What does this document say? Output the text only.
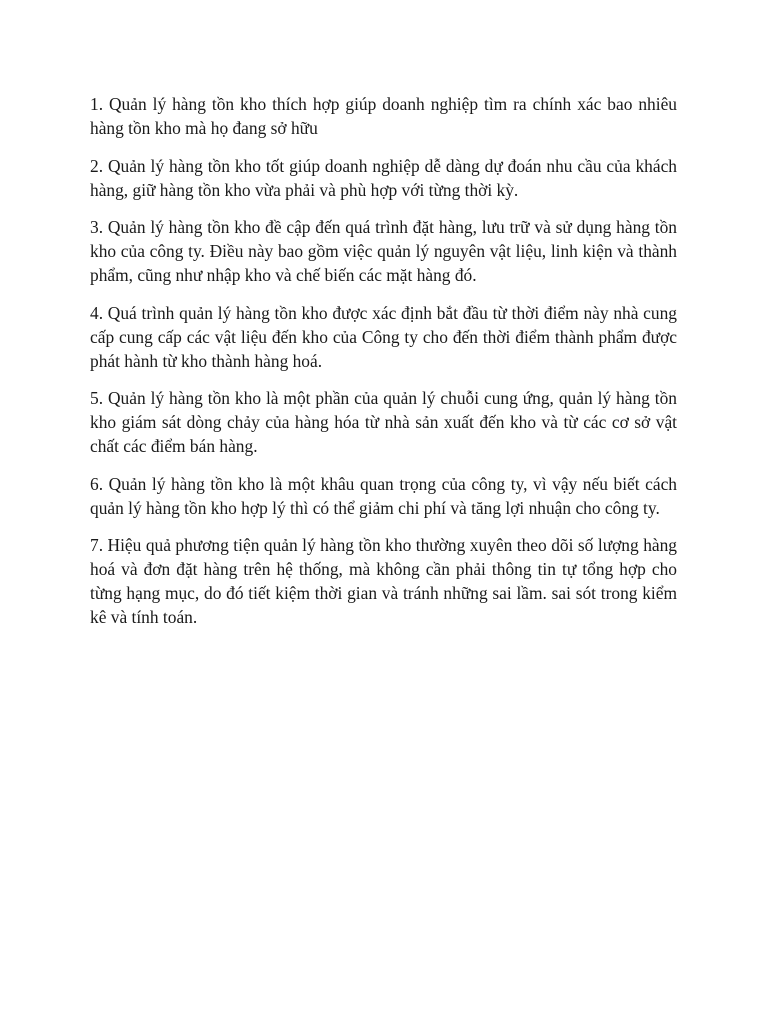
1. Quản lý hàng tồn kho thích hợp giúp doanh nghiệp tìm ra chính xác bao nhiêu hàng tồn kho mà họ đang sở hữu

2. Quản lý hàng tồn kho tốt giúp doanh nghiệp dễ dàng dự đoán nhu cầu của khách hàng, giữ hàng tồn kho vừa phải và phù hợp với từng thời kỳ.

3. Quản lý hàng tồn kho đề cập đến quá trình đặt hàng, lưu trữ và sử dụng hàng tồn kho của công ty. Điều này bao gồm việc quản lý nguyên vật liệu, linh kiện và thành phẩm, cũng như nhập kho và chế biến các mặt hàng đó.

4. Quá trình quản lý hàng tồn kho được xác định bắt đầu từ thời điểm này nhà cung cấp cung cấp các vật liệu đến kho của Công ty cho đến thời điểm thành phẩm được phát hành từ kho thành hàng hoá.

5. Quản lý hàng tồn kho là một phần của quản lý chuỗi cung ứng, quản lý hàng tồn kho giám sát dòng chảy của hàng hóa từ nhà sản xuất đến kho và từ các cơ sở vật chất các điểm bán hàng.

6. Quản lý hàng tồn kho là một khâu quan trọng của công ty, vì vậy nếu biết cách quản lý hàng tồn kho hợp lý thì có thể giảm chi phí và tăng lợi nhuận cho công ty.

7. Hiệu quả phương tiện quản lý hàng tồn kho thường xuyên theo dõi số lượng hàng hoá và đơn đặt hàng trên hệ thống, mà không cần phải thông tin tự tổng hợp cho từng hạng mục, do đó tiết kiệm thời gian và tránh những sai lầm. sai sót trong kiểm kê và tính toán.
